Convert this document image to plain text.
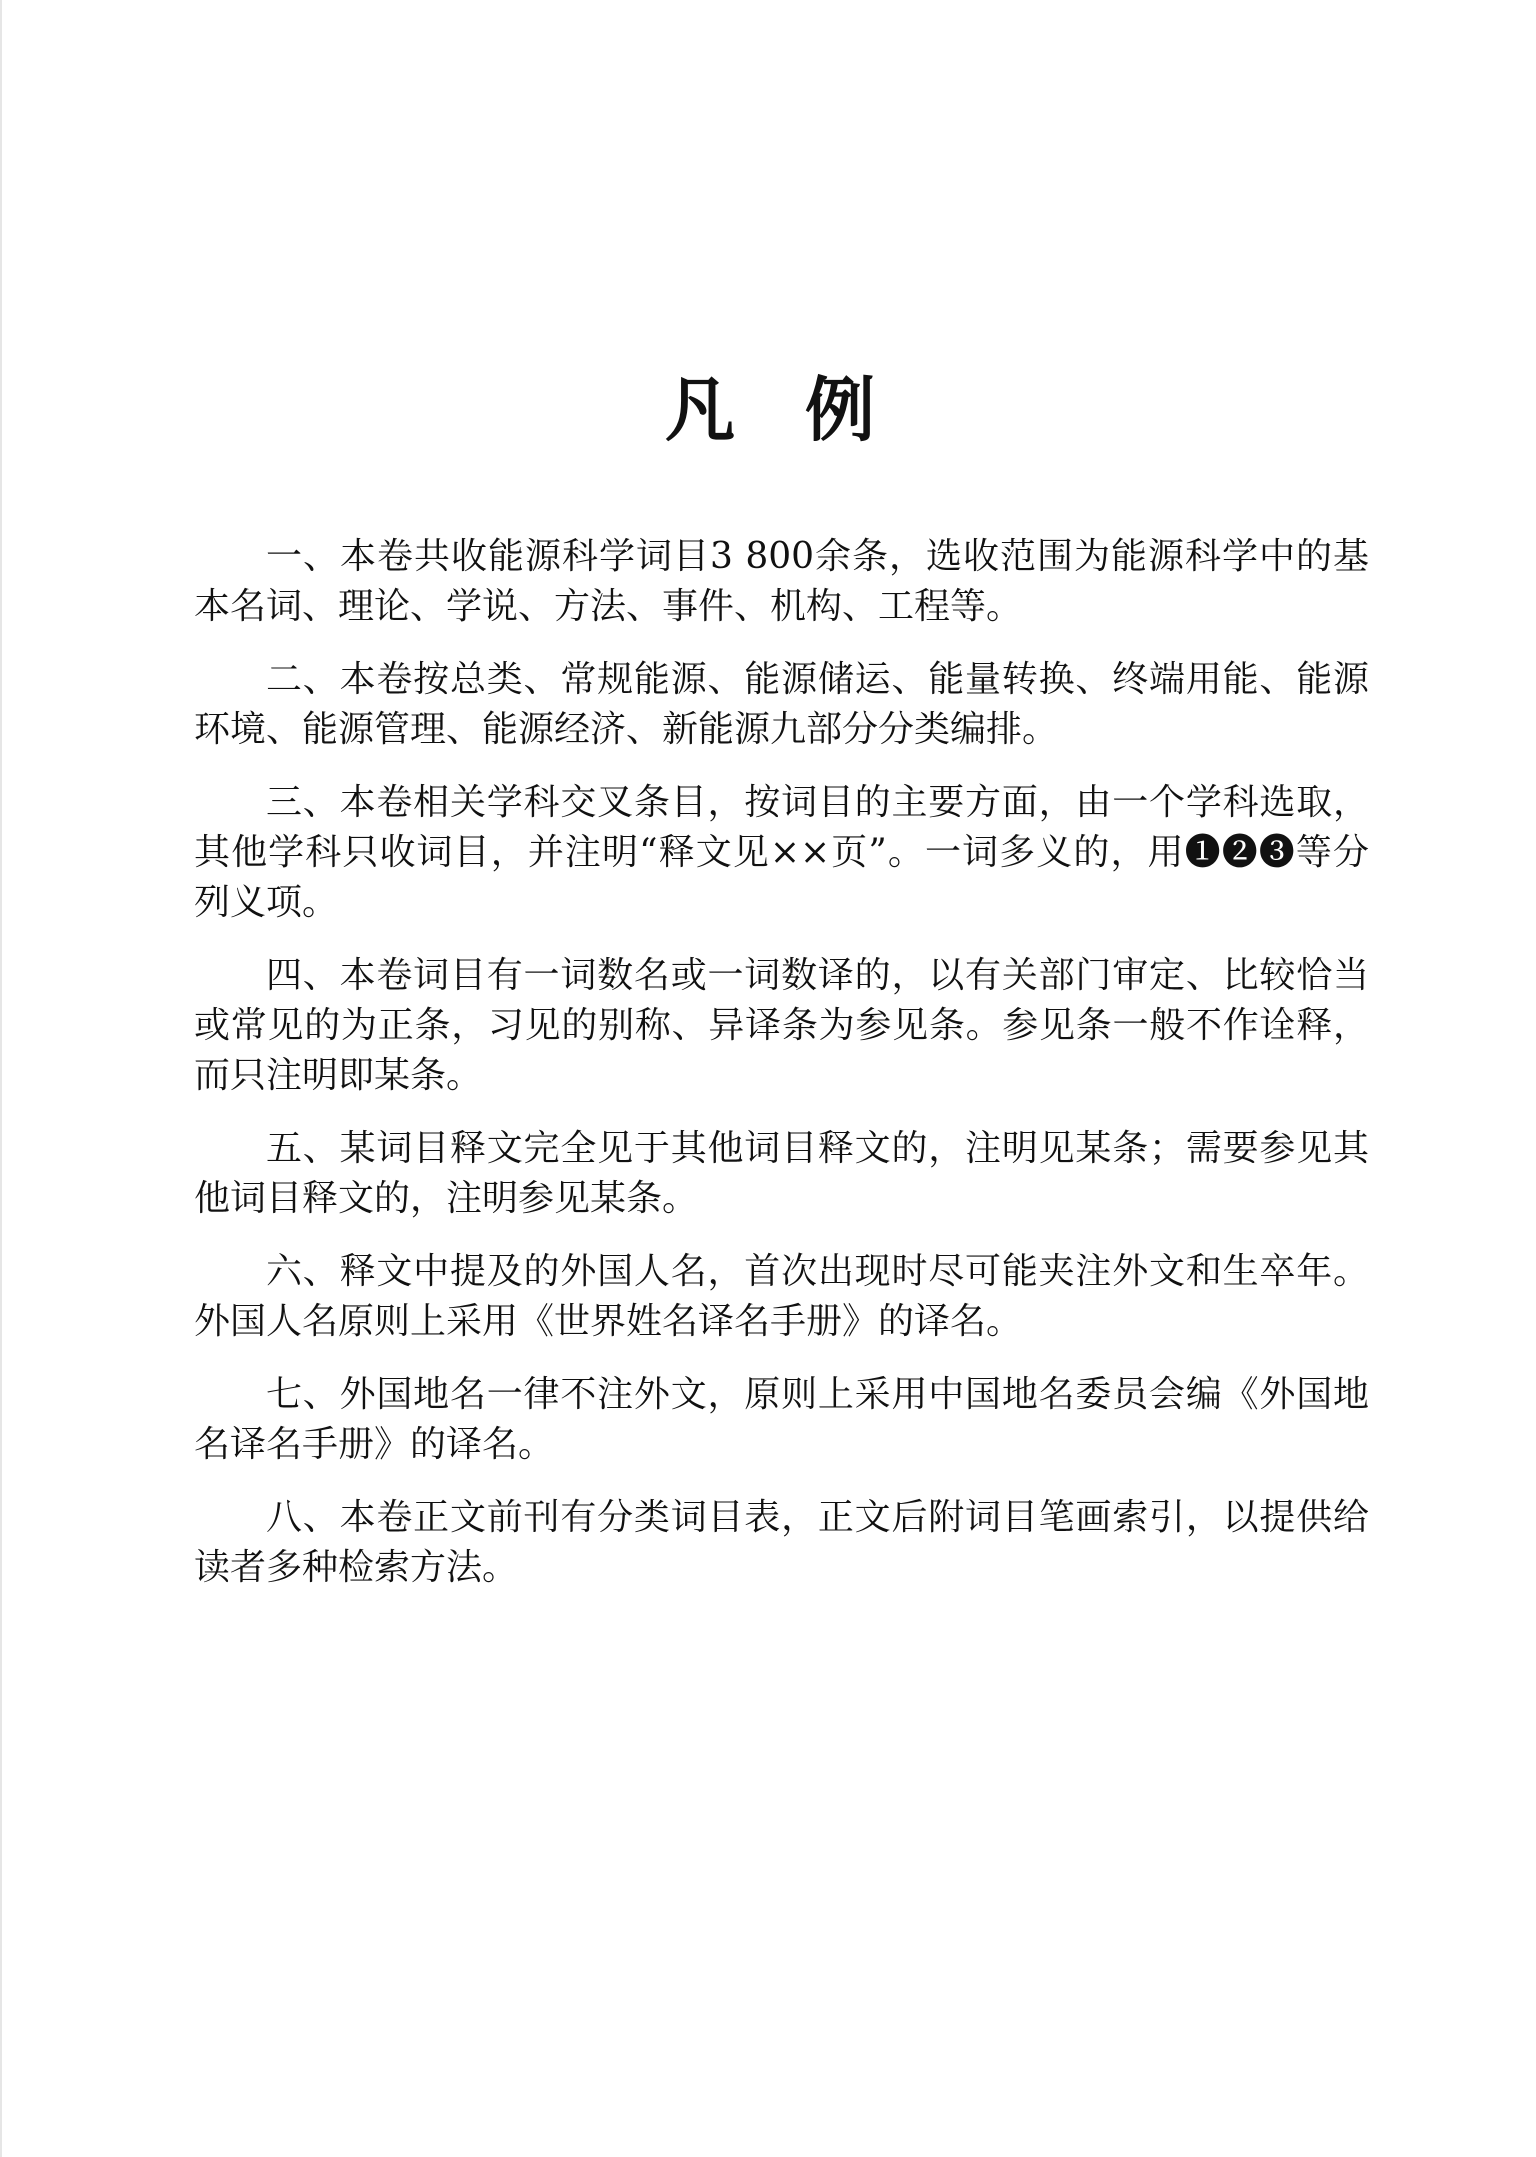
凡　例

一、本卷共收能源科学词目3 800余条，选收范围为能源科学中的基本名词、理论、学说、方法、事件、机构、工程等。

二、本卷按总类、常规能源、能源储运、能量转换、终端用能、能源环境、能源管理、能源经济、新能源九部分分类编排。

三、本卷相关学科交叉条目，按词目的主要方面，由一个学科选取，其他学科只收词目，并注明“释文见××页”。一词多义的，用❶❷❸等分列义项。

四、本卷词目有一词数名或一词数译的，以有关部门审定、比较恰当或常见的为正条，习见的别称、异译条为参见条。参见条一般不作诠释，而只注明即某条。

五、某词目释文完全见于其他词目释文的，注明见某条；需要参见其他词目释文的，注明参见某条。

六、释文中提及的外国人名，首次出现时尽可能夹注外文和生卒年。外国人名原则上采用《世界姓名译名手册》的译名。

七、外国地名一律不注外文，原则上采用中国地名委员会编《外国地名译名手册》的译名。

八、本卷正文前刊有分类词目表，正文后附词目笔画索引，以提供给读者多种检索方法。
